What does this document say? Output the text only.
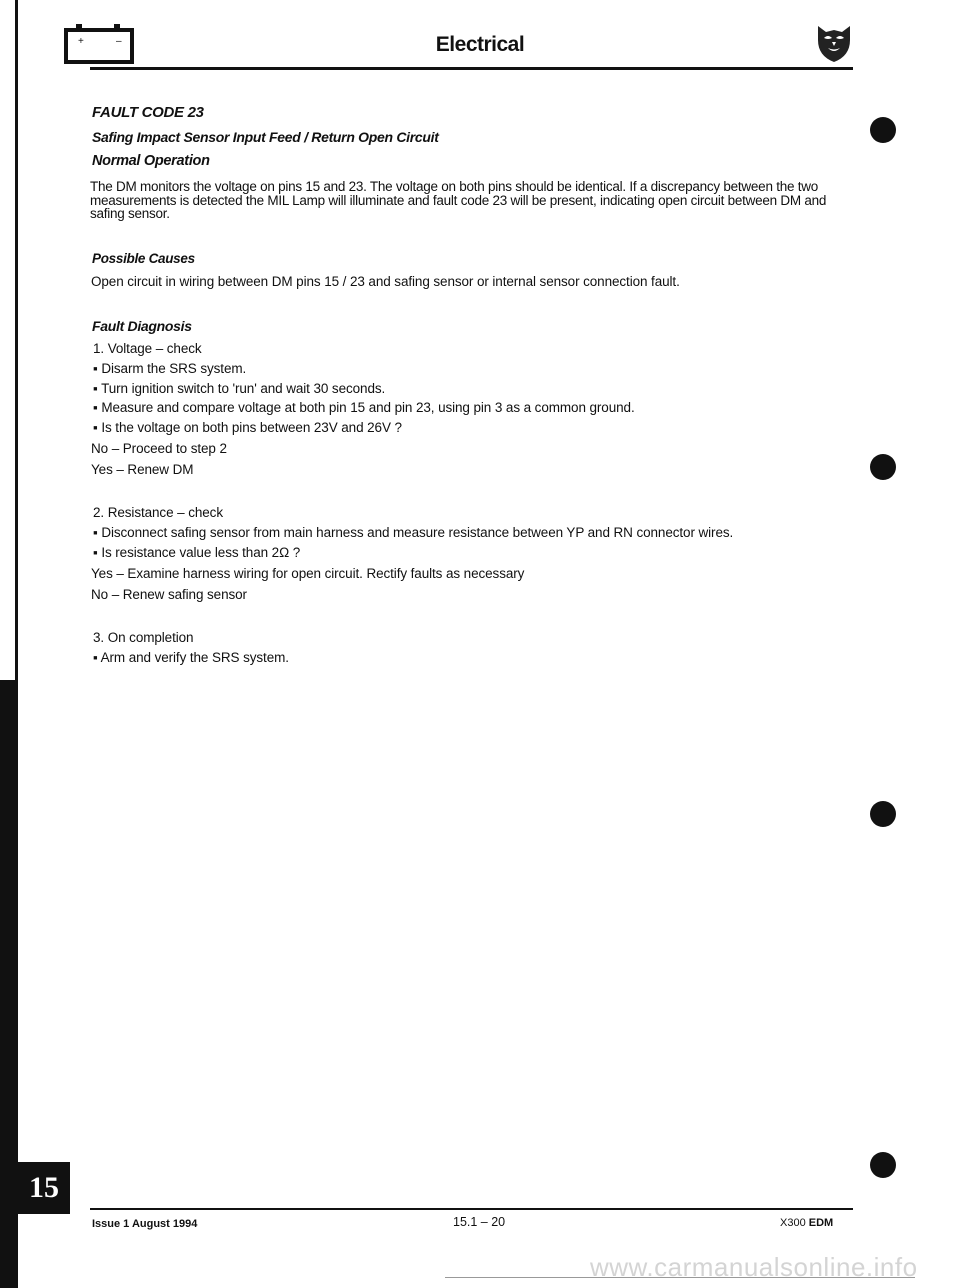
+	–	Electrical
FAULT CODE 23
Safing Impact Sensor Input Feed / Return Open Circuit
Normal Operation
The DM monitors the voltage on pins 15 and 23. The voltage on both pins should be identical. If a discrepancy between the two measurements is detected the MIL Lamp will illuminate and fault code 23 will be present, indicating open circuit between DM and safing sensor.
Possible Causes
Open circuit in wiring between DM pins 15 / 23 and safing sensor or internal sensor connection fault.
Fault Diagnosis
1. Voltage – check
▪ Disarm the SRS system.
▪ Turn ignition switch to 'run' and wait 30 seconds.
▪ Measure and compare voltage at both pin 15 and pin 23, using pin 3 as a common ground.
▪ Is the voltage on both pins between 23V and 26V ?
No – Proceed to step 2
Yes – Renew DM
2. Resistance – check
▪ Disconnect safing sensor from main harness and measure resistance between YP and RN connector wires.
▪ Is resistance value less than 2Ω ?
Yes – Examine harness wiring for open circuit. Rectify faults as necessary
No – Renew safing sensor
3. On completion
▪ Arm and verify the SRS system.
15
Issue 1 August 1994	15.1 – 20	X300 EDM
www.carmanualsonline.info
